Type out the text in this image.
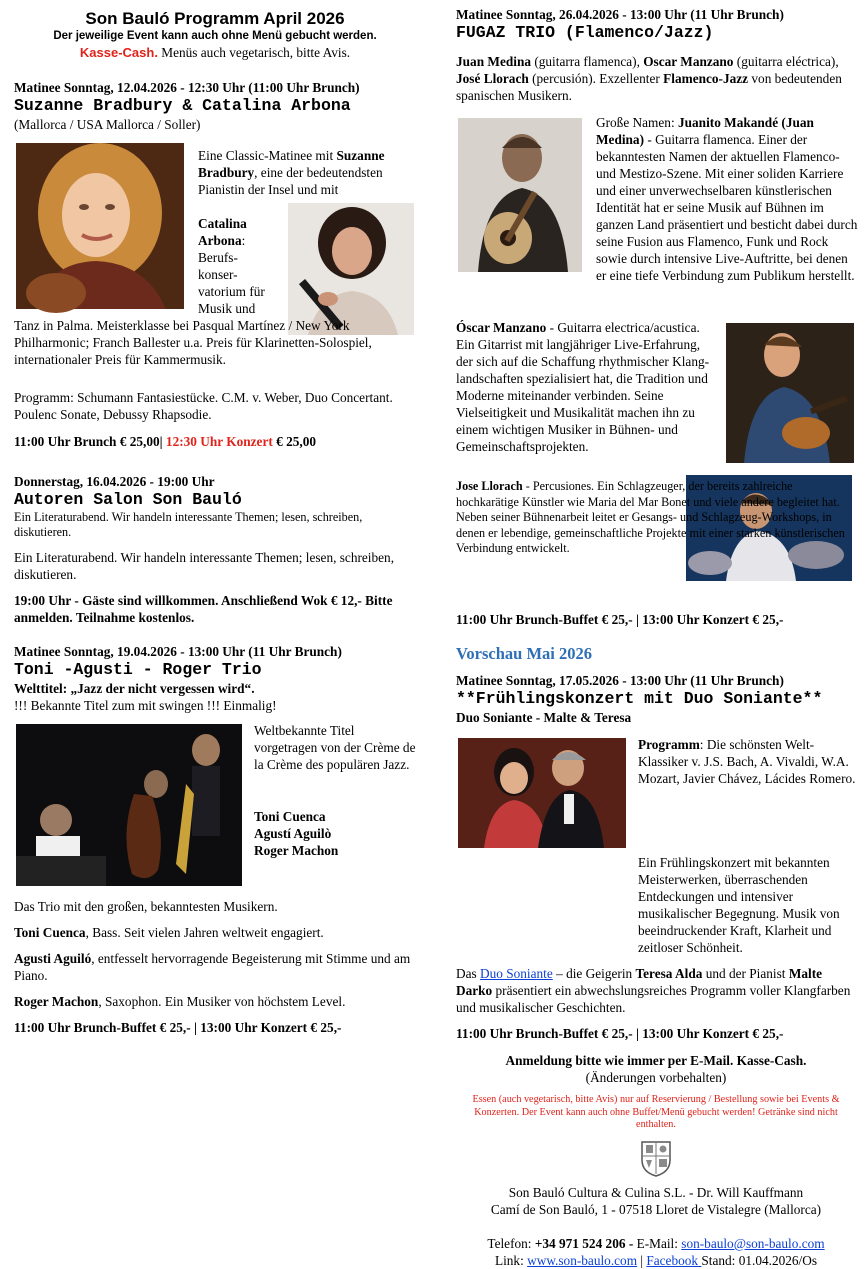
Son Bauló Programm April 2026
Der jeweilige Event kann auch ohne Menü gebucht werden.
Kasse-Cash. Menüs auch vegetarisch, bitte Avis.
Matinee Sonntag, 12.04.2026 - 12:30 Uhr (11:00 Uhr Brunch)
Suzanne Bradbury & Catalina Arbona
(Mallorca / USA Mallorca / Soller)
Eine Classic-Matinee mit Suzanne Bradbury, eine der bedeutendsten Pianistin der Insel und mit
Catalina Arbona:
Berufs-
konser-
vatorium für
Musik und
Tanz in Palma. Meisterklasse bei Pasqual Martínez / New York Philharmonic; Franch Ballester u.a. Preis für Klarinetten-Solospiel, internationaler Preis für Kammermusik.
Programm: Schumann Fantasiestücke. C.M. v. Weber, Duo Concertant. Poulenc Sonate, Debussy Rhapsodie.
11:00 Uhr Brunch € 25,00| 12:30 Uhr Konzert € 25,00
Donnerstag, 16.04.2026 - 19:00 Uhr
Autoren Salon Son Bauló
Ein Literaturabend. Wir handeln interessante Themen; lesen, schreiben, diskutieren.
Ein Literaturabend. Wir handeln interessante Themen; lesen, schreiben, diskutieren.
19:00 Uhr - Gäste sind willkommen. Anschließend Wok € 12,- Bitte anmelden. Teilnahme kostenlos.
Matinee Sonntag, 19.04.2026 - 13:00 Uhr (11 Uhr Brunch)
Toni -Agusti - Roger Trio
Welttitel: „Jazz der nicht vergessen wird“.
!!! Bekannte Titel zum mit swingen !!! Einmalig!
Weltbekannte Titel vorgetragen von der Crème de la Crème des populären Jazz.
Toni Cuenca
Agustí Aguilò
Roger Machon
Das Trio mit den großen, bekanntesten Musikern.
Toni Cuenca, Bass. Seit vielen Jahren weltweit engagiert.
Agusti Aguiló, entfesselt hervorragende Begeisterung mit Stimme und am Piano.
Roger Machon, Saxophon. Ein Musiker von höchstem Level.
11:00 Uhr Brunch-Buffet € 25,- | 13:00 Uhr Konzert € 25,-
Matinee Sonntag, 26.04.2026 - 13:00 Uhr (11 Uhr Brunch)
FUGAZ TRIO (Flamenco/Jazz)
Juan Medina (guitarra flamenca), Oscar Manzano (guitarra eléctrica), José Llorach (percusión). Exzellenter Flamenco-Jazz von bedeutenden spanischen Musikern.
Große Namen: Juanito Makandé (Juan Medina) - Guitarra flamenca. Einer der bekanntesten Namen der aktuellen Flamenco- und Mestizo-Szene. Mit einer soliden Karriere und einer unverwechselbaren künstlerischen Identität hat er seine Musik auf Bühnen im ganzen Land präsentiert und besticht dabei durch seine Fusion aus Flamenco, Funk und Rock sowie durch intensive Live-Auftritte, bei denen er eine tiefe Verbindung zum Publikum herstellt.
Óscar Manzano - Guitarra electrica/acustica. Ein Gitarrist mit langjähriger Live-Erfahrung, der sich auf die Schaffung rhythmischer Klang-landschaften spezialisiert hat, die Tradition und Moderne miteinander verbinden. Seine Vielseitigkeit und Musikalität machen ihn zu einem wichtigen Musiker in Bühnen- und Gemeinschaftsprojekten.
Jose Llorach - Percusiones. Ein Schlagzeuger, der bereits zahlreiche hochkarätige Künstler wie Maria del Mar Bonet und viele andere begleitet hat. Neben seiner Bühnenarbeit leitet er Gesangs- und Schlagzeug-Workshops, in denen er lebendige, gemeinschaftliche Projekte mit einer starken künstlerischen Verbindung entwickelt.
11:00 Uhr Brunch-Buffet € 25,- | 13:00 Uhr Konzert € 25,-
Vorschau Mai 2026
Matinee Sonntag, 17.05.2026 - 13:00 Uhr (11 Uhr Brunch)
**Frühlingskonzert mit Duo Soniante**
Duo Soniante - Malte & Teresa
Programm: Die schönsten Welt-Klassiker v. J.S. Bach, A. Vivaldi, W.A. Mozart, Javier Chávez, Lácides Romero.
Ein Frühlingskonzert mit bekannten Meisterwerken, überraschenden Entdeckungen und intensiver musikalischer Begegnung. Musik von beeindruckender Kraft, Klarheit und zeitloser Schönheit.
Das Duo Soniante – die Geigerin Teresa Alda und der Pianist Malte Darko präsentiert ein abwechslungsreiches Programm voller Klangfarben und musikalischer Geschichten.
11:00 Uhr Brunch-Buffet € 25,- | 13:00 Uhr Konzert € 25,-
Anmeldung bitte wie immer per E-Mail. Kasse-Cash.
(Änderungen vorbehalten)
Essen (auch vegetarisch, bitte Avis) nur auf Reservierung / Bestellung sowie bei Events & Konzerten. Der Event kann auch ohne Buffet/Menü gebucht werden! Getränke sind nicht enthalten.
Son Bauló Cultura & Culina S.L. - Dr. Will Kauffmann
Camí de Son Bauló, 1 - 07518 Lloret de Vistalegre (Mallorca)
Telefon: +34 971 524 206 - E-Mail: son-baulo@son-baulo.com
Link: www.son-baulo.com | Facebook Stand: 01.04.2026/Os
